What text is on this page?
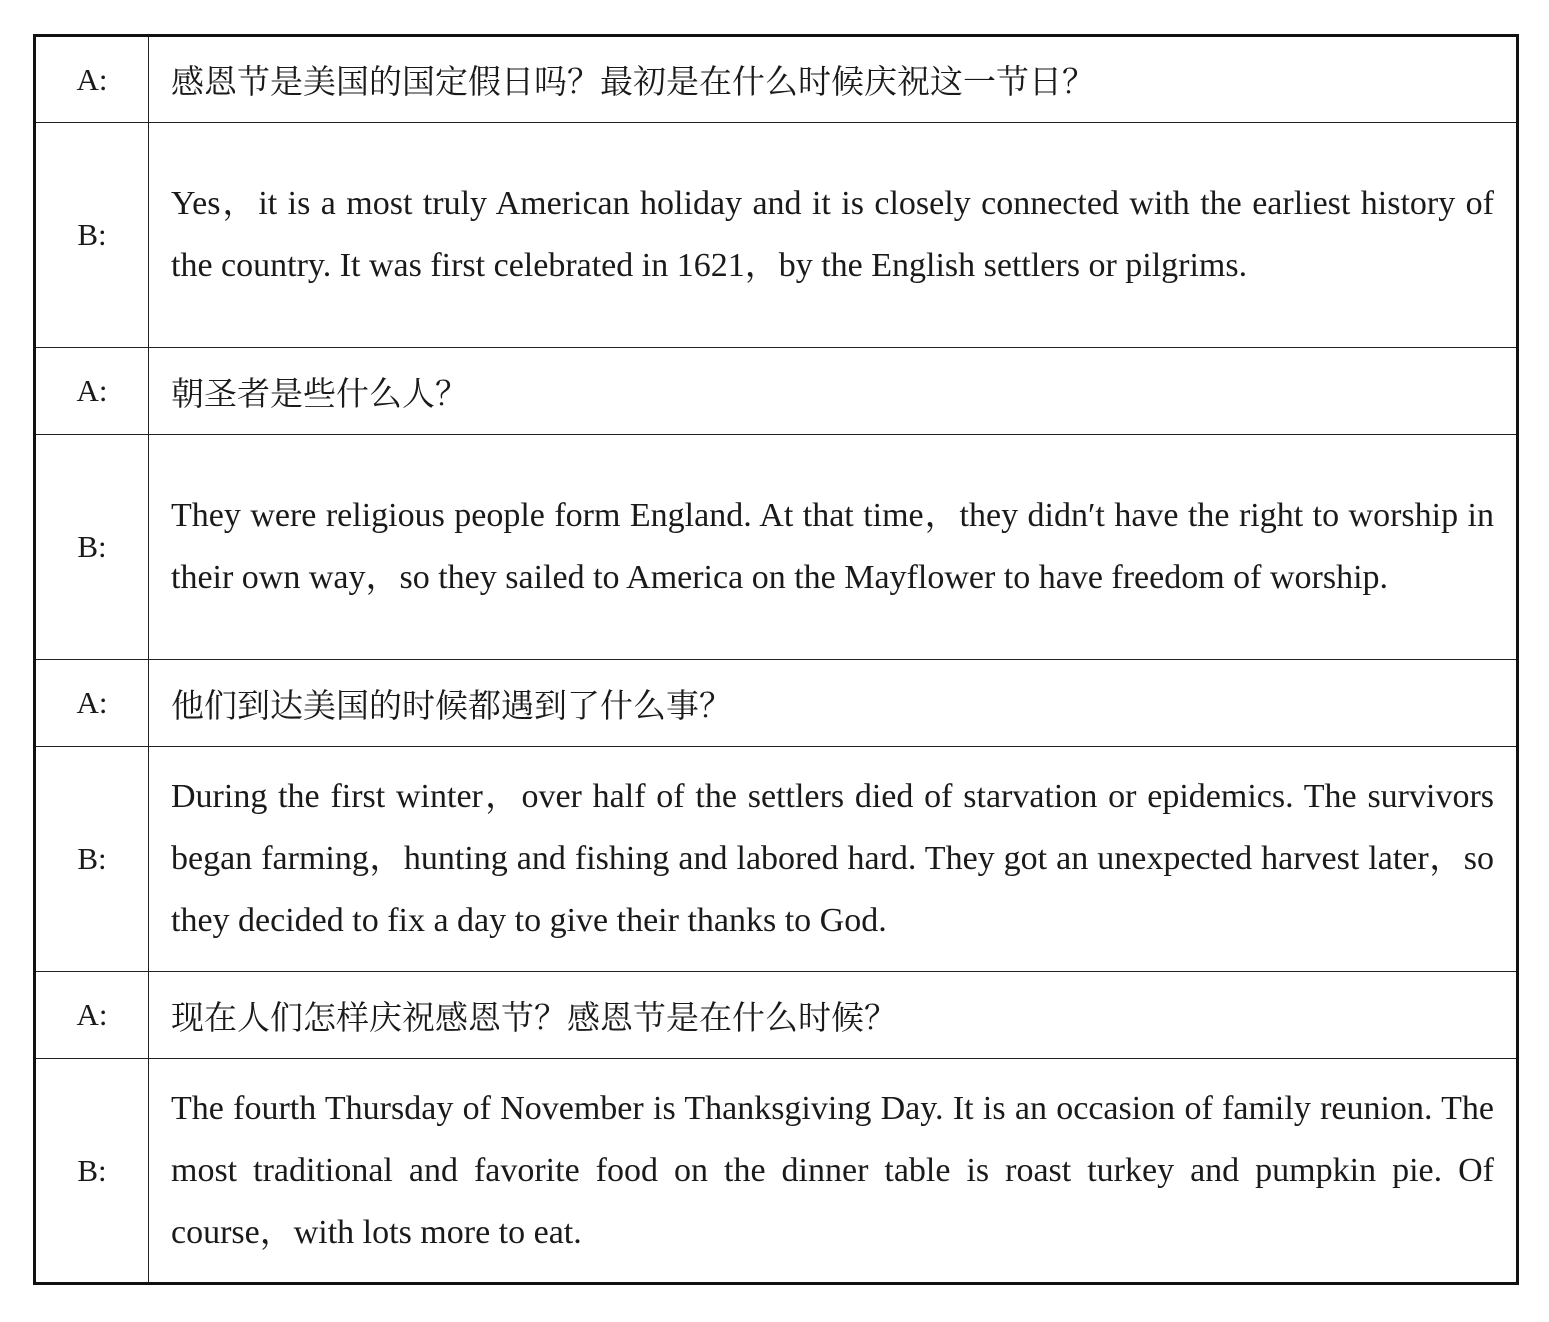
A:	感恩节是美国的国定假日吗？最初是在什么时候庆祝这一节日？
B:	Yes，it is a most truly American holiday and it is closely connected with the earliest history of the country. It was first celebrated in 1621，by the English settlers or pilgrims.
A:	朝圣者是些什么人？
B:	They were religious people form England. At that time，they didn′t have the right to worship in their own way，so they sailed to America on the Mayflower to have freedom of worship.
A:	他们到达美国的时候都遇到了什么事？
B:	During the first winter，over half of the settlers died of starvation or epidemics. The survivors began farming，hunting and fishing and labored hard. They got an unexpected harvest later，so they decided to fix a day to give their thanks to God.
A:	现在人们怎样庆祝感恩节？感恩节是在什么时候？
B:	The fourth Thursday of November is Thanksgiving Day. It is an occasion of family reunion. The most traditional and favorite food on the dinner table is roast turkey and pumpkin pie. Of course，with lots more to eat.
